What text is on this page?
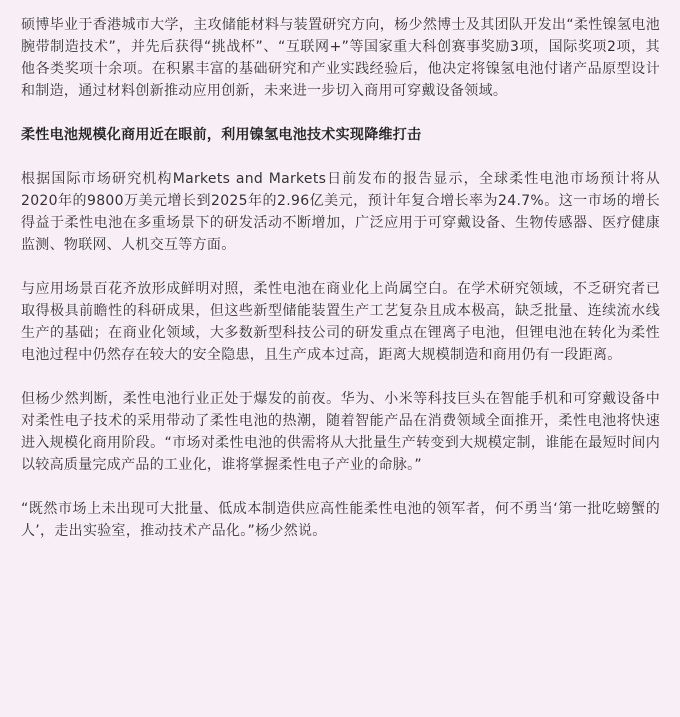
硕博毕业于香港城市大学，主攻储能材料与装置研究方向，杨少然博士及其团队开发出“柔性镍氢电池腕带制造技术”，并先后获得“挑战杯”、“互联网+”等国家重大科创赛事奖励3项，国际奖项2项，其他各类奖项十余项。在积累丰富的基础研究和产业实践经验后，他决定将镍氢电池付诸产品原型设计和制造，通过材料创新推动应用创新，未来进一步切入商用可穿戴设备领域。

柔性电池规模化商用近在眼前，利用镍氢电池技术实现降维打击

根据国际市场研究机构Markets and Markets日前发布的报告显示，全球柔性电池市场预计将从2020年的9800万美元增长到2025年的2.96亿美元，预计年复合增长率为24.7%。这一市场的增长得益于柔性电池在多重场景下的研发活动不断增加，广泛应用于可穿戴设备、生物传感器、医疗健康监测、物联网、人机交互等方面。

与应用场景百花齐放形成鲜明对照，柔性电池在商业化上尚属空白。在学术研究领域，不乏研究者已取得极具前瞻性的科研成果，但这些新型储能装置生产工艺复杂且成本极高，缺乏批量、连续流水线生产的基础；在商业化领域，大多数新型科技公司的研发重点在锂离子电池，但锂电池在转化为柔性电池过程中仍然存在较大的安全隐患，且生产成本过高，距离大规模制造和商用仍有一段距离。

但杨少然判断，柔性电池行业正处于爆发的前夜。华为、小米等科技巨头在智能手机和可穿戴设备中对柔性电子技术的采用带动了柔性电池的热潮，随着智能产品在消费领域全面推开，柔性电池将快速进入规模化商用阶段。“市场对柔性电池的供需将从大批量生产转变到大规模定制，谁能在最短时间内以较高质量完成产品的工业化，谁将掌握柔性电子产业的命脉。”

“既然市场上未出现可大批量、低成本制造供应高性能柔性电池的领军者，何不勇当‘第一批吃螃蟹的人’，走出实验室，推动技术产品化。”杨少然说。
